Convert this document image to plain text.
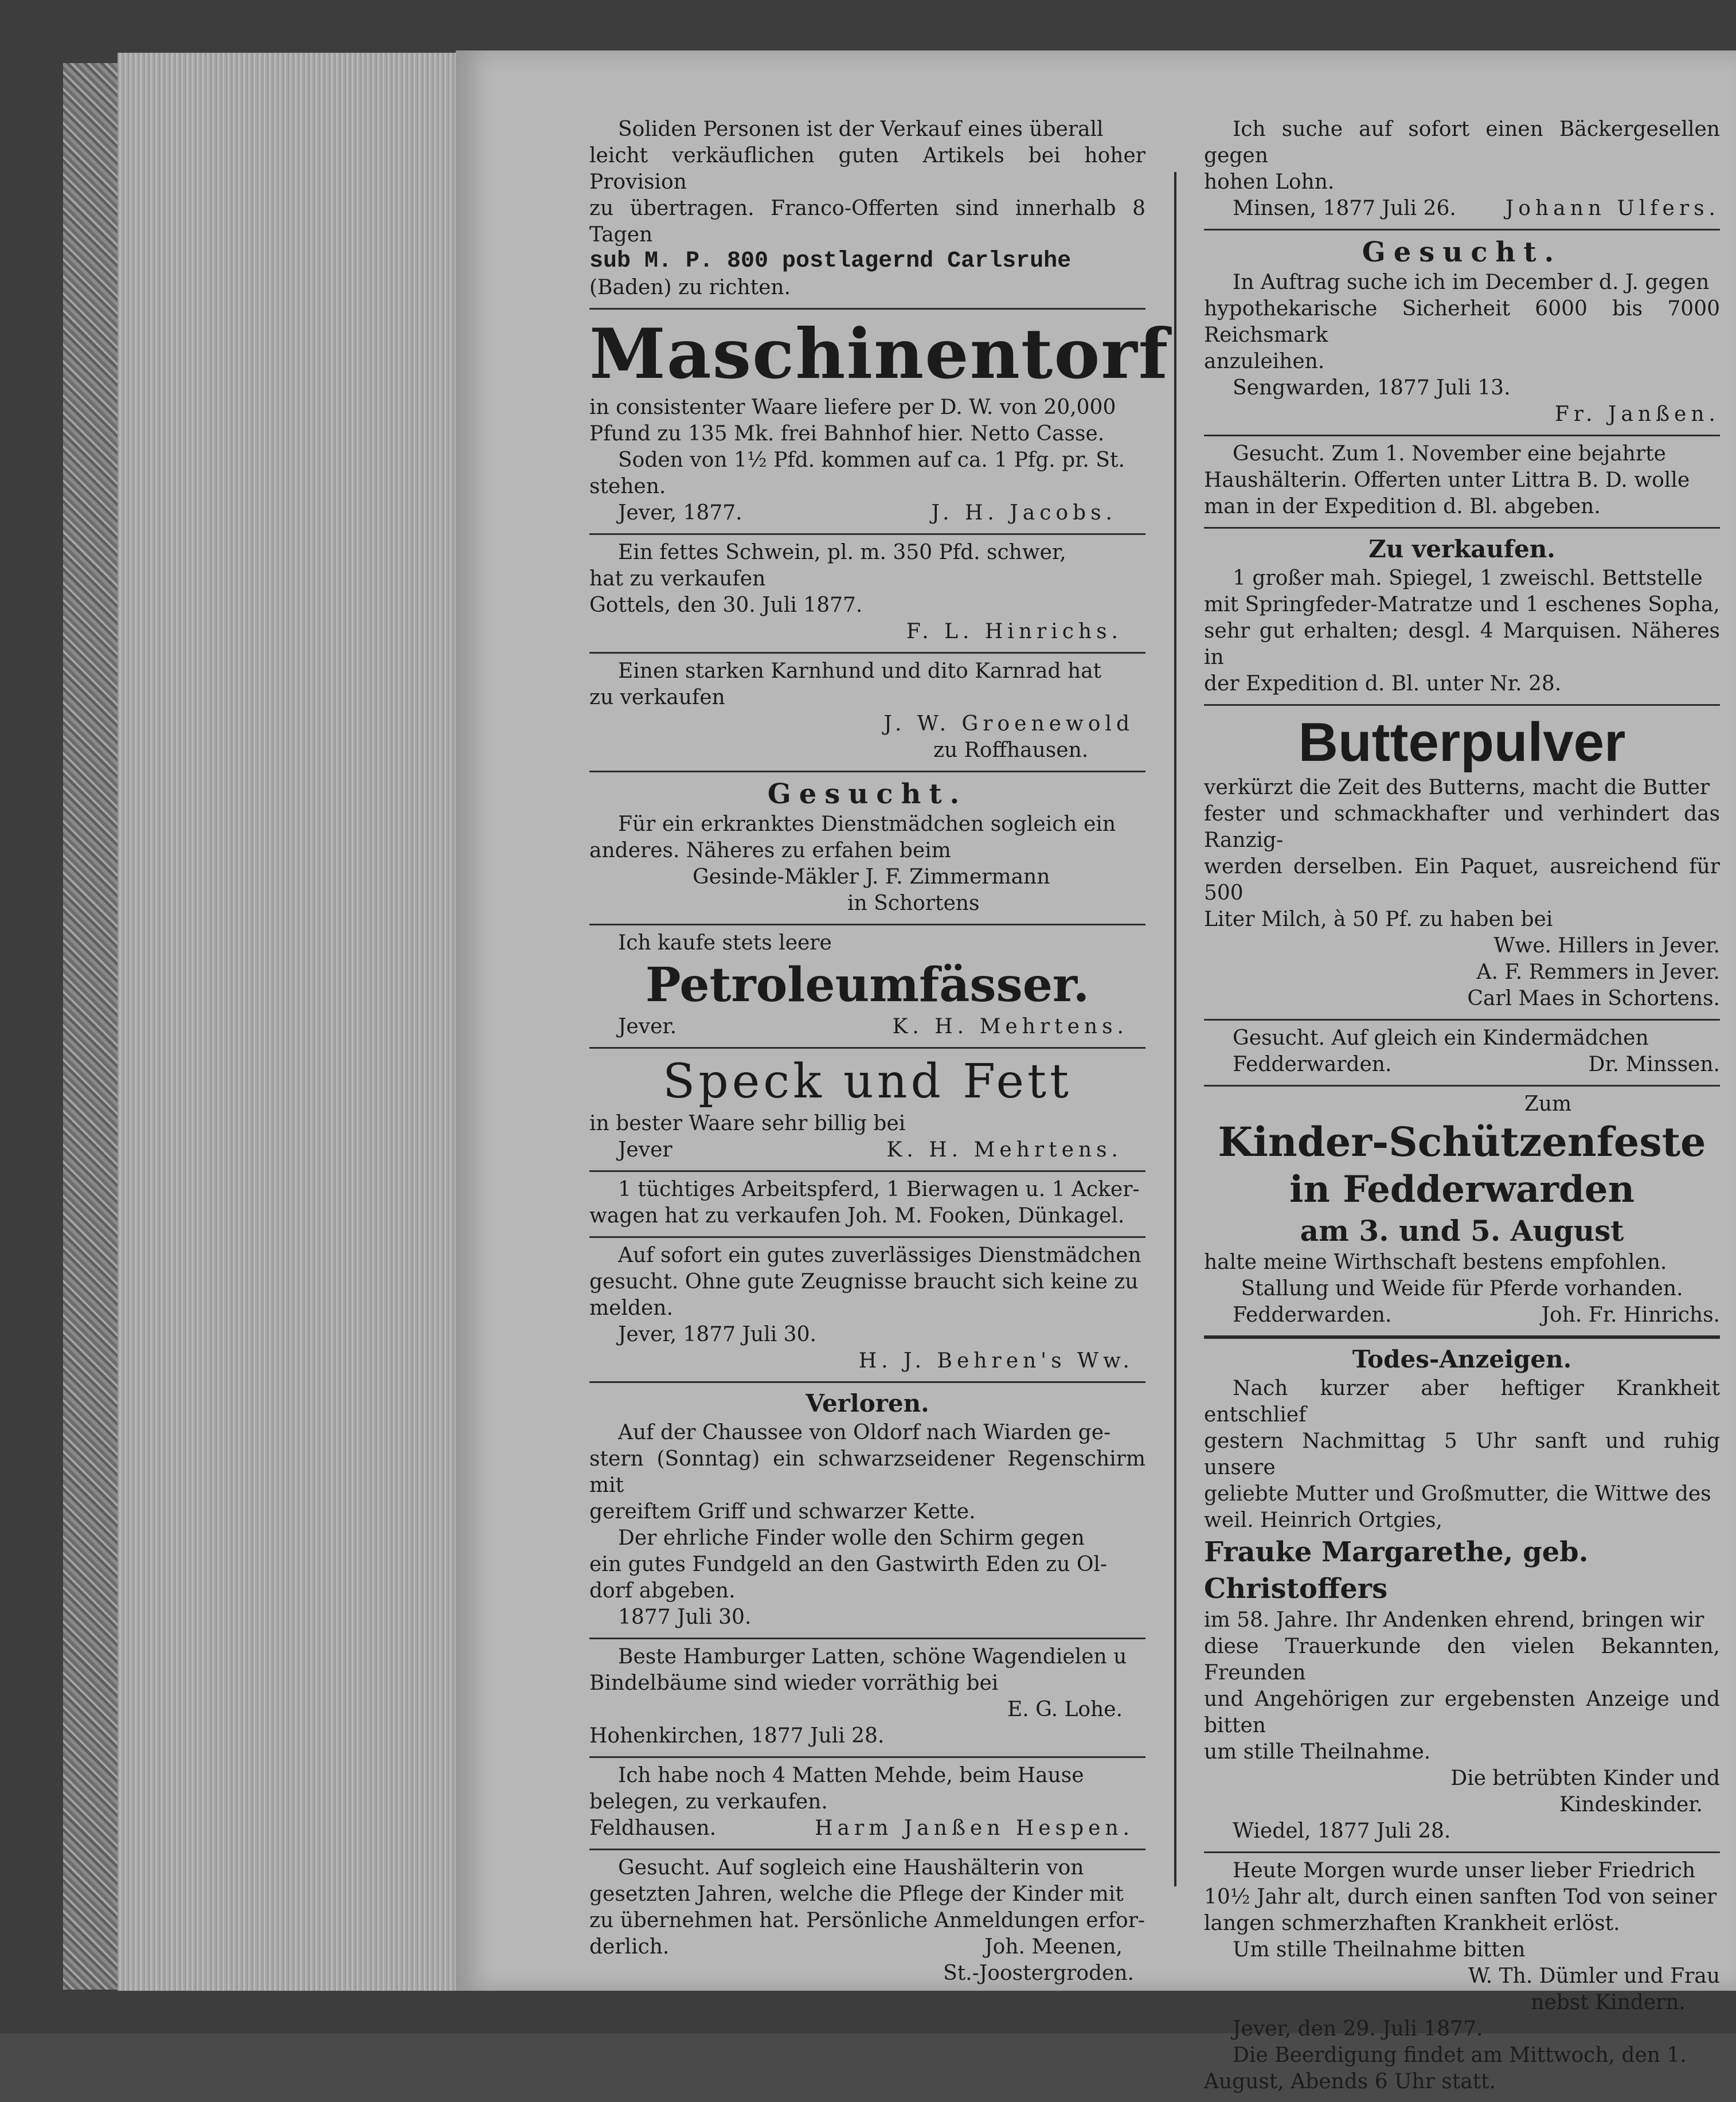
Soliden Personen ist der Verkauf eines überall

leicht verkäuflichen guten Artikels bei hoher Provision

zu übertragen. Franco-Offerten sind innerhalb 8 Tagen

sub M. P. 800 postlagernd Carlsruhe

(Baden) zu richten.

Maschinentorf

in consistenter Waare liefere per D. W. von 20,000

Pfund zu 135 Mk. frei Bahnhof hier. Netto Casse.

Soden von 1½ Pfd. kommen auf ca. 1 Pfg. pr. St.

stehen.

Jever, 1877.	J. H. Jacobs.

Ein fettes Schwein, pl. m. 350 Pfd. schwer,

hat zu verkaufen

Gottels, den 30. Juli 1877.

F. L. Hinrichs.

Einen starken Karnhund und dito Karnrad hat

zu verkaufen

J. W. Groenewold

zu Roffhausen.

Gesucht.

Für ein erkranktes Dienstmädchen sogleich ein

anderes. Näheres zu erfahen beim

Gesinde-Mäkler J. F. Zimmermann

in Schortens

Ich kaufe stets leere

Petroleumfässer.
Jever.	K. H. Mehrtens.
Speck und Fett

in bester Waare sehr billig bei

Jever	K. H. Mehrtens.

1 tüchtiges Arbeitspferd, 1 Bierwagen u. 1 Acker-

wagen hat zu verkaufen Joh. M. Fooken, Dünkagel.

Auf sofort ein gutes zuverlässiges Dienstmädchen

gesucht. Ohne gute Zeugnisse braucht sich keine zu

melden.

Jever, 1877 Juli 30.

H. J. Behren's Ww.

Verloren.

Auf der Chaussee von Oldorf nach Wiarden ge-

stern (Sonntag) ein schwarzseidener Regenschirm mit

gereiftem Griff und schwarzer Kette.

Der ehrliche Finder wolle den Schirm gegen

ein gutes Fundgeld an den Gastwirth Eden zu Ol-

dorf abgeben.

1877 Juli 30.

Beste Hamburger Latten, schöne Wagendielen u

Bindelbäume sind wieder vorräthig bei

E. G. Lohe.

Hohenkirchen, 1877 Juli 28.

Ich habe noch 4 Matten Mehde, beim Hause

belegen, zu verkaufen.

Feldhausen.	Harm Janßen Hespen.

Gesucht. Auf sogleich eine Haushälterin von

gesetzten Jahren, welche die Pflege der Kinder mit

zu übernehmen hat. Persönliche Anmeldungen erfor-

derlich.	Joh. Meenen,

St.-Joostergroden.

Ich suche auf sofort einen Bäckergesellen gegen

hohen Lohn.

Minsen, 1877 Juli 26. Johann Ulfers.
Gesucht.

In Auftrag suche ich im December d. J. gegen

hypothekarische Sicherheit 6000 bis 7000 Reichsmark

anzuleihen.

Sengwarden, 1877 Juli 13.

Fr. Janßen.

Gesucht. Zum 1. November eine bejahrte

Haushälterin. Offerten unter Littra B. D. wolle

man in der Expedition d. Bl. abgeben.

Zu verkaufen.

1 großer mah. Spiegel, 1 zweischl. Bettstelle

mit Springfeder-Matratze und 1 eschenes Sopha,

sehr gut erhalten; desgl. 4 Marquisen. Näheres in

der Expedition d. Bl. unter Nr. 28.

Butterpulver

verkürzt die Zeit des Butterns, macht die Butter

fester und schmackhafter und verhindert das Ranzig-

werden derselben. Ein Paquet, ausreichend für 500

Liter Milch, à 50 Pf. zu haben bei

Wwe. Hillers in Jever.

A. F. Remmers in Jever.

Carl Maes in Schortens.

Gesucht. Auf gleich ein Kindermädchen

Fedderwarden.	Dr. Minssen.

Zum

Kinder-Schützenfeste
in Fedderwarden
am 3. und 5. August

halte meine Wirthschaft bestens empfohlen.

Stallung und Weide für Pferde vorhanden.

Fedderwarden.	Joh. Fr. Hinrichs.
Todes-Anzeigen.

Nach kurzer aber heftiger Krankheit entschlief

gestern Nachmittag 5 Uhr sanft und ruhig unsere

geliebte Mutter und Großmutter, die Wittwe des

weil. Heinrich Ortgies,

Frauke Margarethe, geb. Christoffers

im 58. Jahre. Ihr Andenken ehrend, bringen wir

diese Trauerkunde den vielen Bekannten, Freunden

und Angehörigen zur ergebensten Anzeige und bitten

um stille Theilnahme.

Die betrübten Kinder und

Kindeskinder.

Wiedel, 1877 Juli 28.

Heute Morgen wurde unser lieber Friedrich

10½ Jahr alt, durch einen sanften Tod von seiner

langen schmerzhaften Krankheit erlöst.

Um stille Theilnahme bitten

W. Th. Dümler und Frau

nebst Kindern.

Jever, den 29. Juli 1877.

Die Beerdigung findet am Mittwoch, den 1.

August, Abends 6 Uhr statt.
